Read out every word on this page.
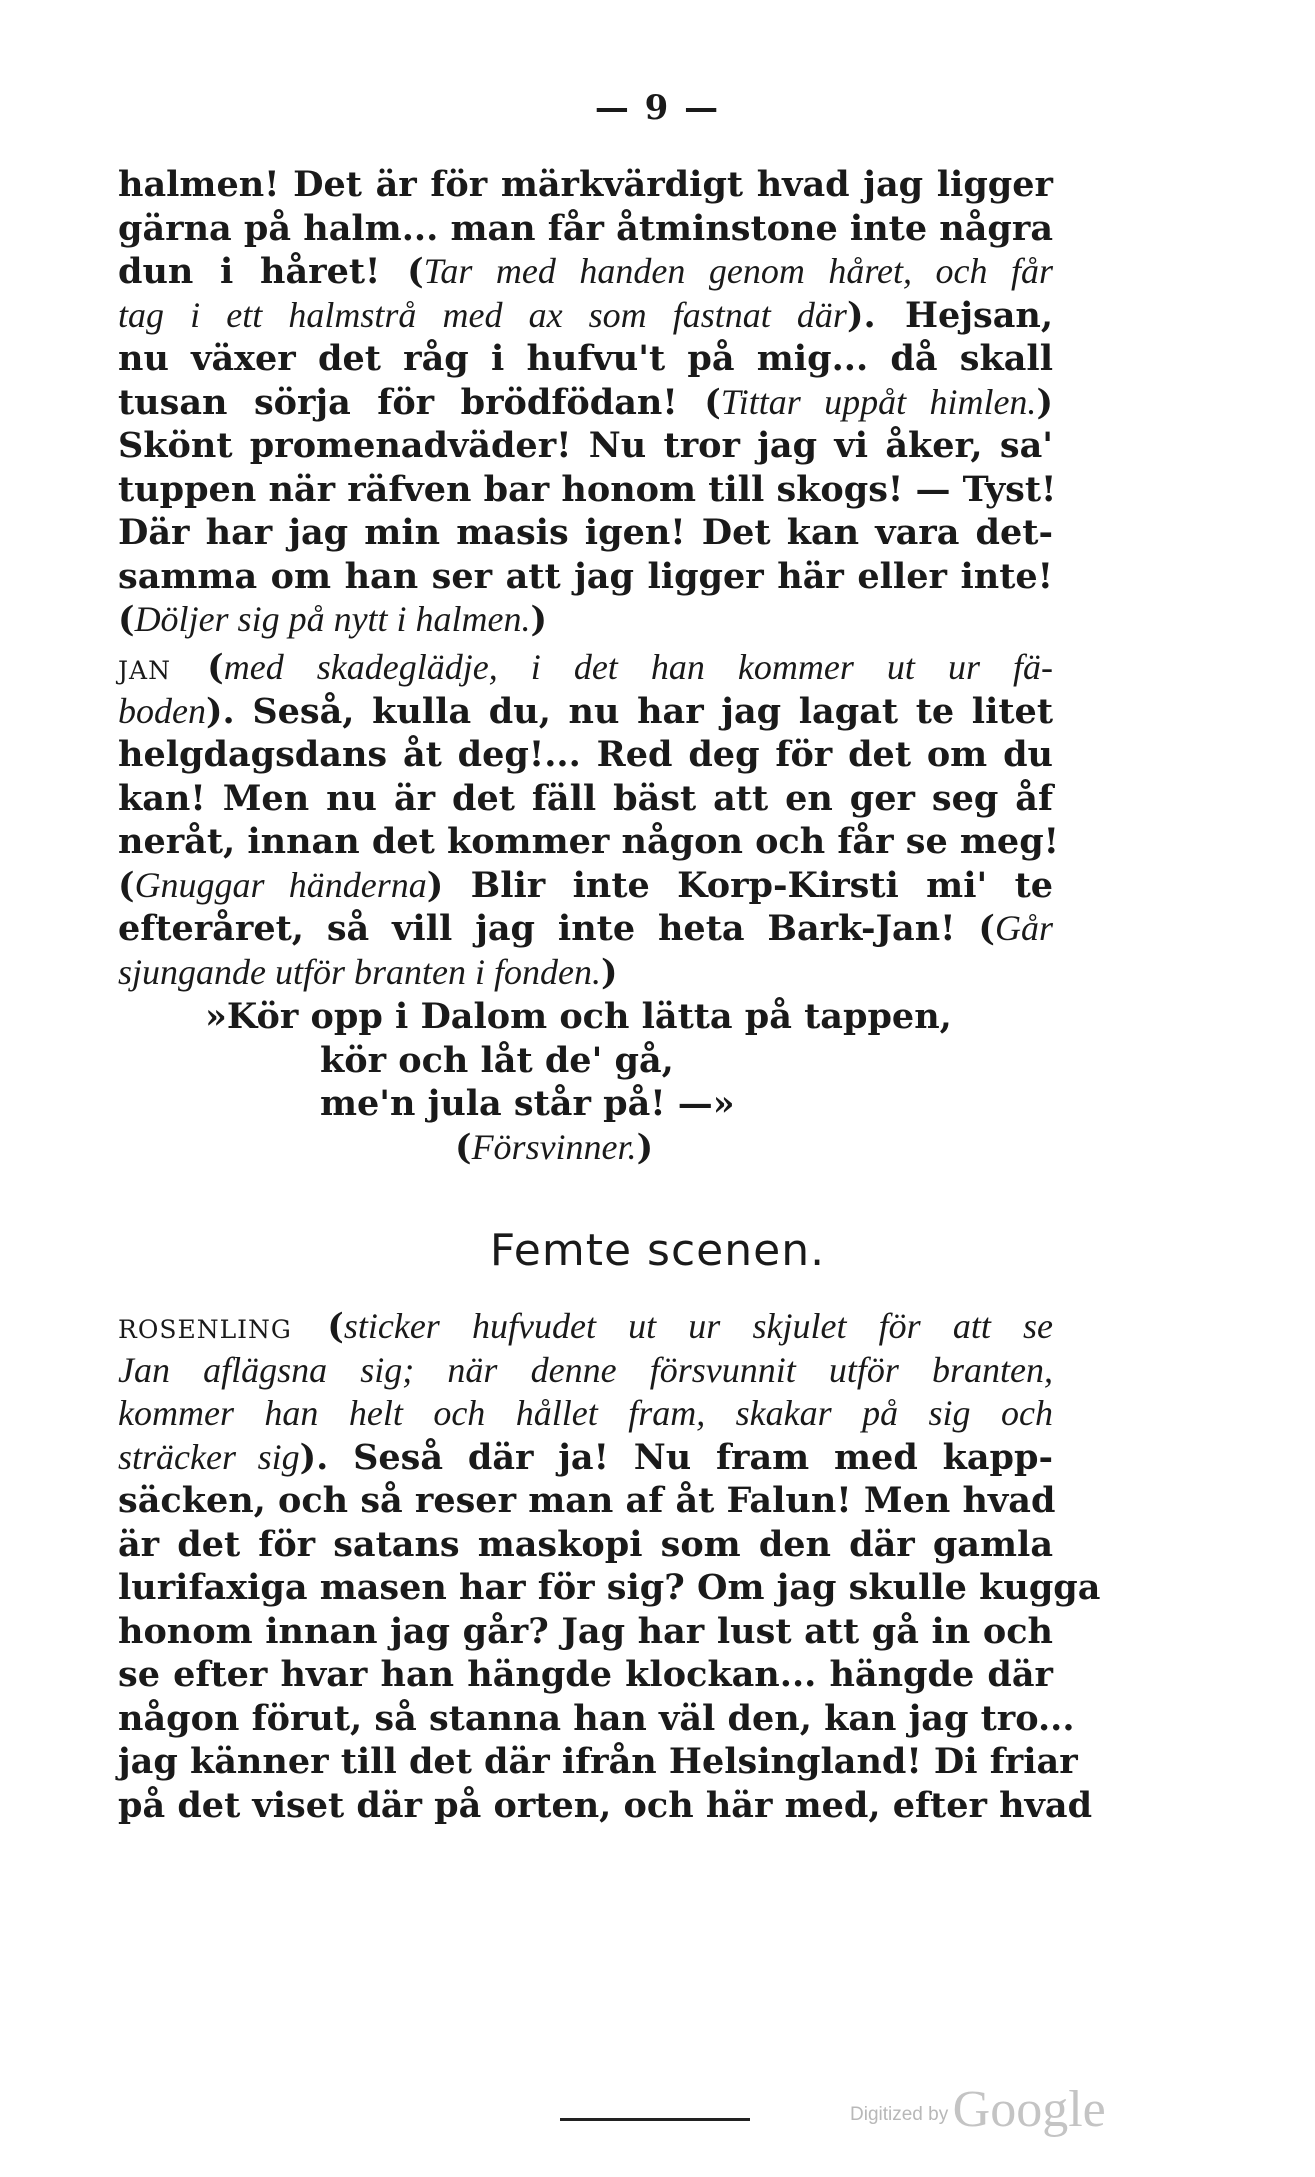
— 9 —
halmen! Det är för märkvärdigt hvad jag ligger
gärna på halm... man får åtminstone inte några
dun i håret! (Tar med handen genom håret, och får
tag i ett halmstrå med ax som fastnat där). Hejsan,
nu växer det råg i hufvu't på mig... då skall
tusan sörja för brödfödan! (Tittar uppåt himlen.)
Skönt promenadväder! Nu tror jag vi åker, sa'
tuppen när räfven bar honom till skogs! — Tyst!
Där har jag min masis igen! Det kan vara det-
samma om han ser att jag ligger här eller inte!
(Döljer sig på nytt i halmen.)
jan (med skadeglädje, i det han kommer ut ur fä-
boden). Seså, kulla du, nu har jag lagat te litet
helgdagsdans åt deg!... Red deg för det om du
kan! Men nu är det fäll bäst att en ger seg åf
neråt, innan det kommer någon och får se meg!
(Gnuggar händerna) Blir inte Korp-Kirsti mi' te
efteråret, så vill jag inte heta Bark-Jan! (Går
sjungande utför branten i fonden.)
»Kör opp i Dalom och lätta på tappen,
kör och låt de' gå,
me'n jula står på! —»
(Försvinner.)
Femte scenen.
rosenling (sticker hufvudet ut ur skjulet för att se
Jan aflägsna sig; när denne försvunnit utför branten,
kommer han helt och hållet fram, skakar på sig och
sträcker sig). Seså där ja! Nu fram med kapp-
säcken, och så reser man af åt Falun! Men hvad
är det för satans maskopi som den där gamla
lurifaxiga masen har för sig? Om jag skulle kugga
honom innan jag går? Jag har lust att gå in och
se efter hvar han hängde klockan... hängde där
någon förut, så stanna han väl den, kan jag tro...
jag känner till det där ifrån Helsingland! Di friar
på det viset där på orten, och här med, efter hvad
Digitized by Google
